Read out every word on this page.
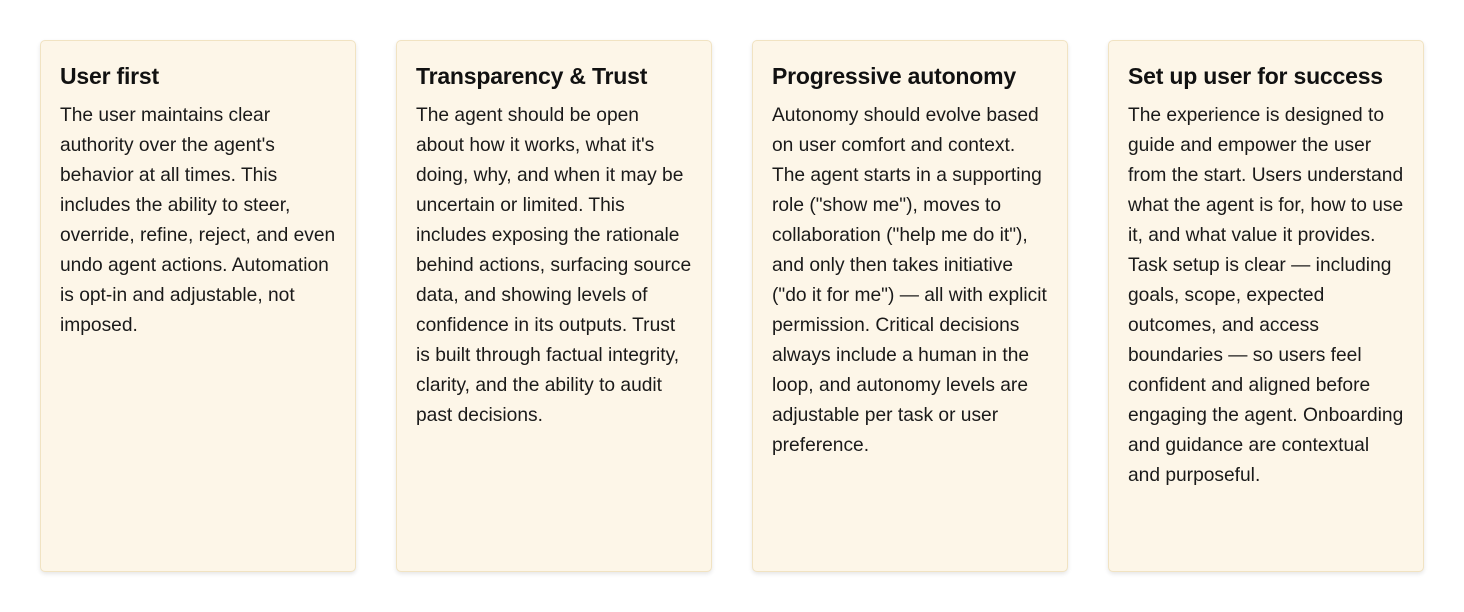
User first

The user maintains clear authority over the agent's behavior at all times. This includes the ability to steer, override, refine, reject, and even undo agent actions. Automation is opt-in and adjustable, not imposed.

Transparency & Trust

The agent should be open about how it works, what it's doing, why, and when it may be uncertain or limited. This includes exposing the rationale behind actions, surfacing source data, and showing levels of confidence in its outputs. Trust is built through factual integrity, clarity, and the ability to audit past decisions.

Progressive autonomy

Autonomy should evolve based on user comfort and context. The agent starts in a supporting role ("show me"), moves to collaboration ("help me do it"), and only then takes initiative ("do it for me") — all with explicit permission. Critical decisions always include a human in the loop, and autonomy levels are adjustable per task or user preference.

Set up user for success

The experience is designed to guide and empower the user from the start. Users understand what the agent is for, how to use it, and what value it provides. Task setup is clear — including goals, scope, expected outcomes, and access boundaries — so users feel confident and aligned before engaging the agent. Onboarding and guidance are contextual and purposeful.
